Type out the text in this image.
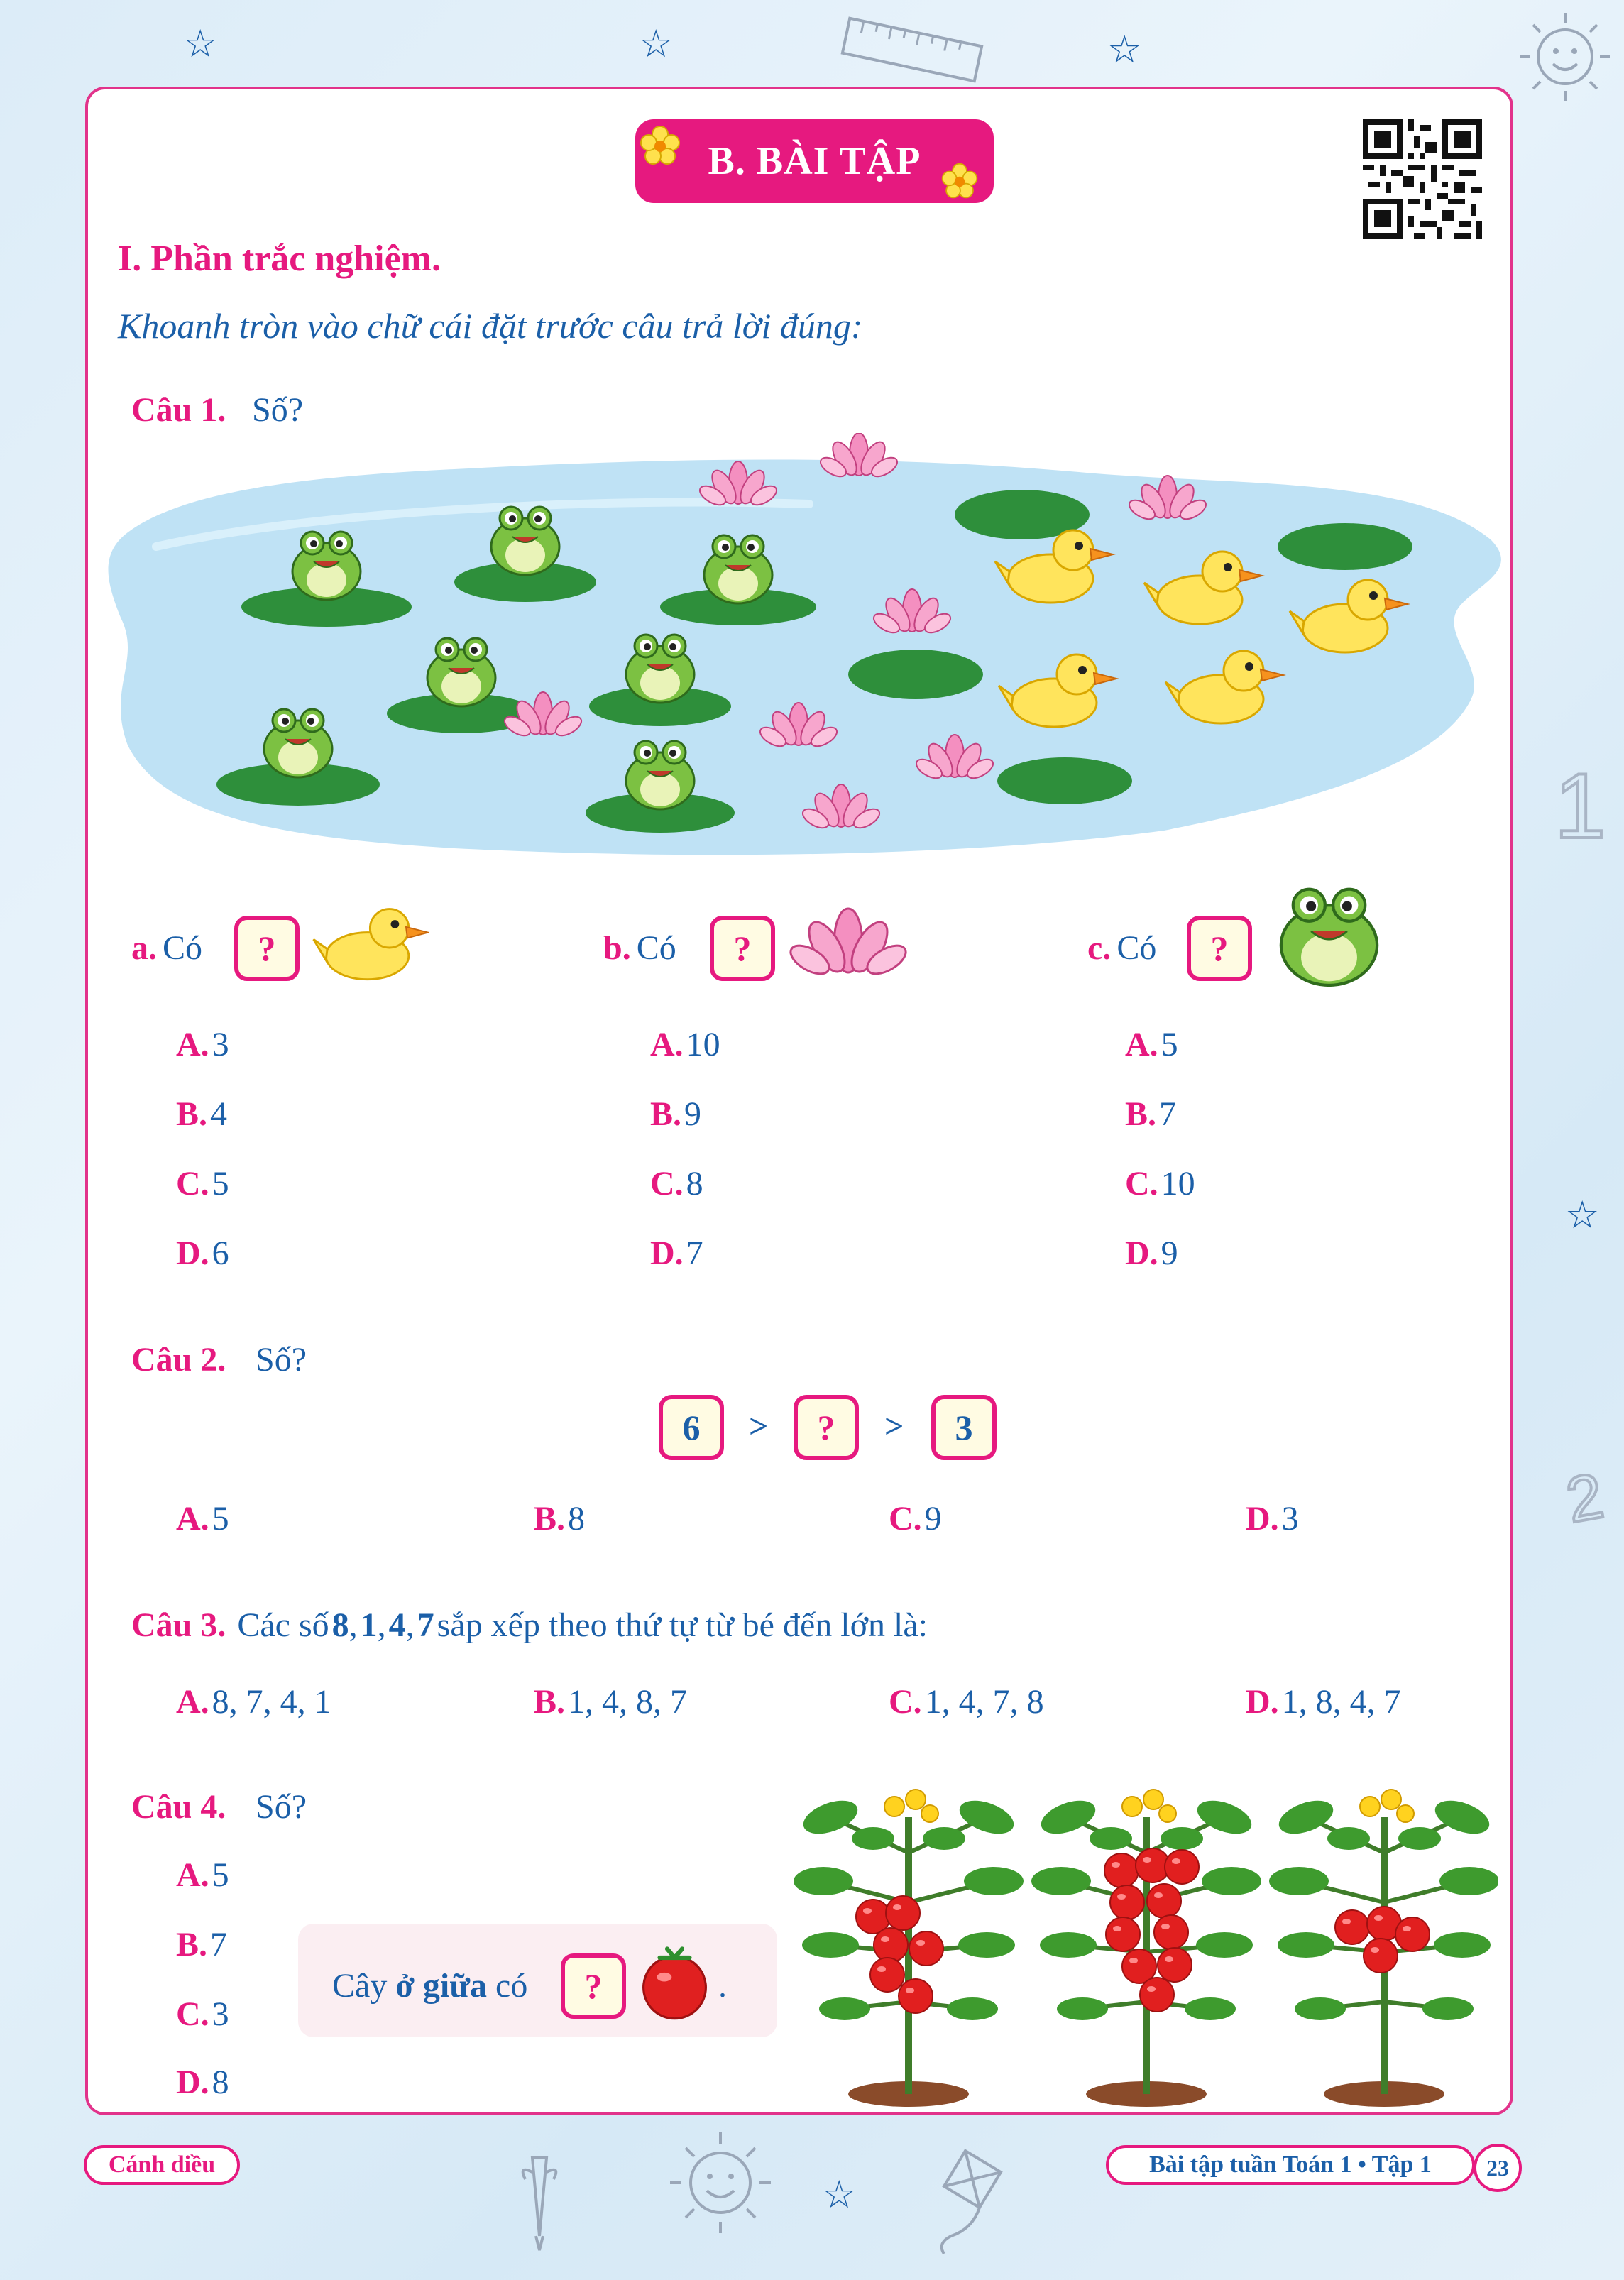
☆	☆	☆
☆
☆
1
2
B. BÀI TẬP
I. Phần trắc nghiệm.
Khoanh tròn vào chữ cái đặt trước câu trả lời đúng:
Câu 1. Số?
a. Có	?	b. Có	?	c. Có	?
A. 3
B. 4
C. 5
D. 6
A. 10
B. 9
C. 8
D. 7
A. 5
B. 7
C. 10
D. 9
Câu 2. Số?
6	>	?	>	3
A. 5	B. 8	C. 9	D. 3
Câu 3. Các số 8, 1, 4, 7 sắp xếp theo thứ tự từ bé đến lớn là:
A. 8, 7, 4, 1	B. 1, 4, 8, 7	C. 1, 4, 7, 8	D. 1, 8, 4, 7
Câu 4. Số?
A. 5
B. 7
C. 3
D. 8
Cây ở giữa có	?	.
Cánh diều	Bài tập tuần Toán 1 • Tập 1	23
